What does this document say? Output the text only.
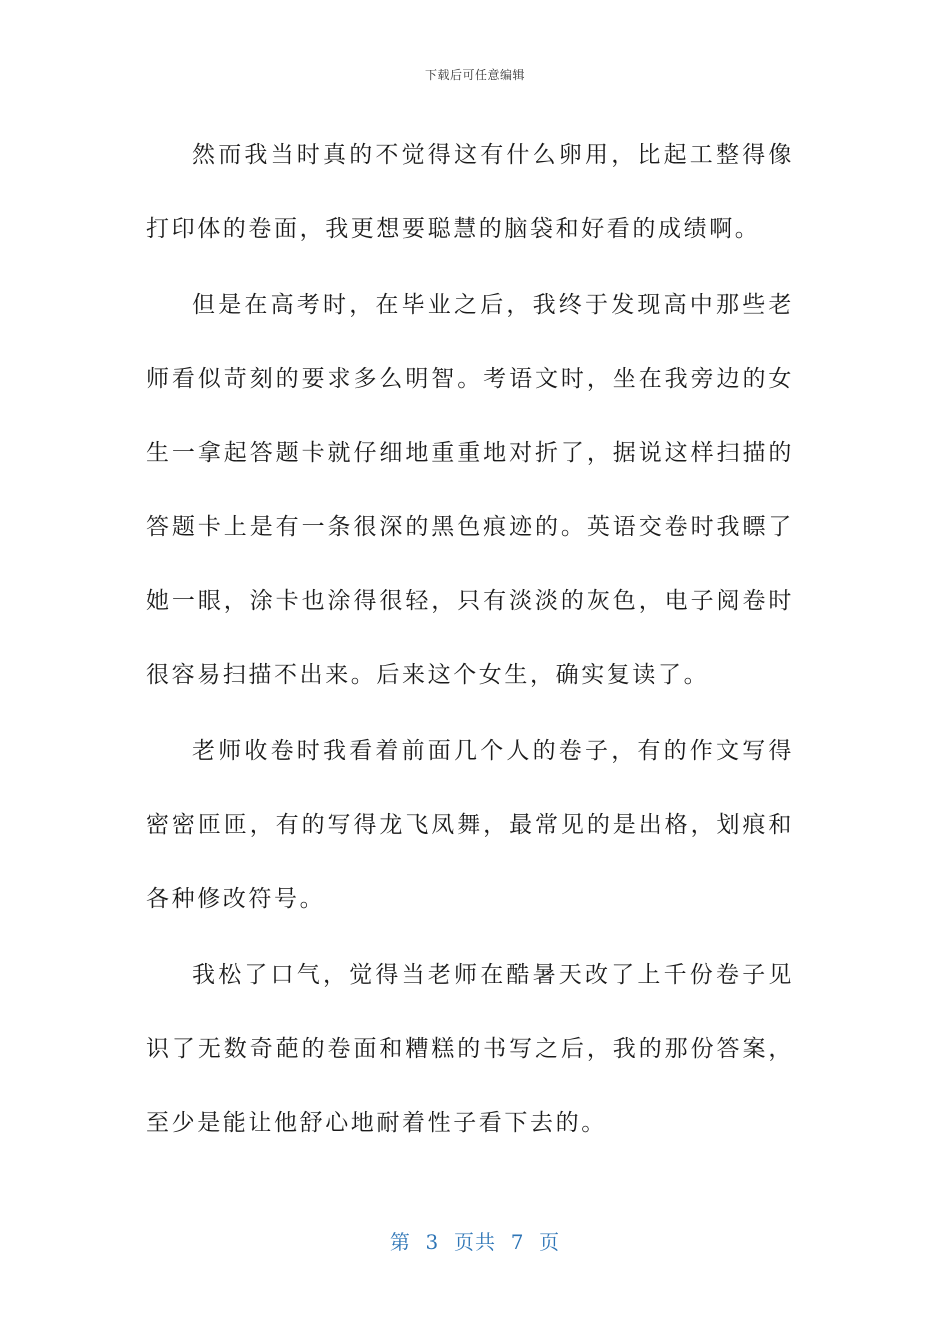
下载后可任意编辑

然而我当时真的不觉得这有什么卵用，比起工整得像打印体的卷面，我更想要聪慧的脑袋和好看的成绩啊。

但是在高考时，在毕业之后，我终于发现高中那些老师看似苛刻的要求多么明智。考语文时，坐在我旁边的女生一拿起答题卡就仔细地重重地对折了，据说这样扫描的答题卡上是有一条很深的黑色痕迹的。英语交卷时我瞟了她一眼，涂卡也涂得很轻，只有淡淡的灰色，电子阅卷时很容易扫描不出来。后来这个女生，确实复读了。

老师收卷时我看着前面几个人的卷子，有的作文写得密密匝匝，有的写得龙飞凤舞，最常见的是出格，划痕和各种修改符号。

我松了口气，觉得当老师在酷暑天改了上千份卷子见识了无数奇葩的卷面和糟糕的书写之后，我的那份答案，至少是能让他舒心地耐着性子看下去的。

第  3  页共  7  页
